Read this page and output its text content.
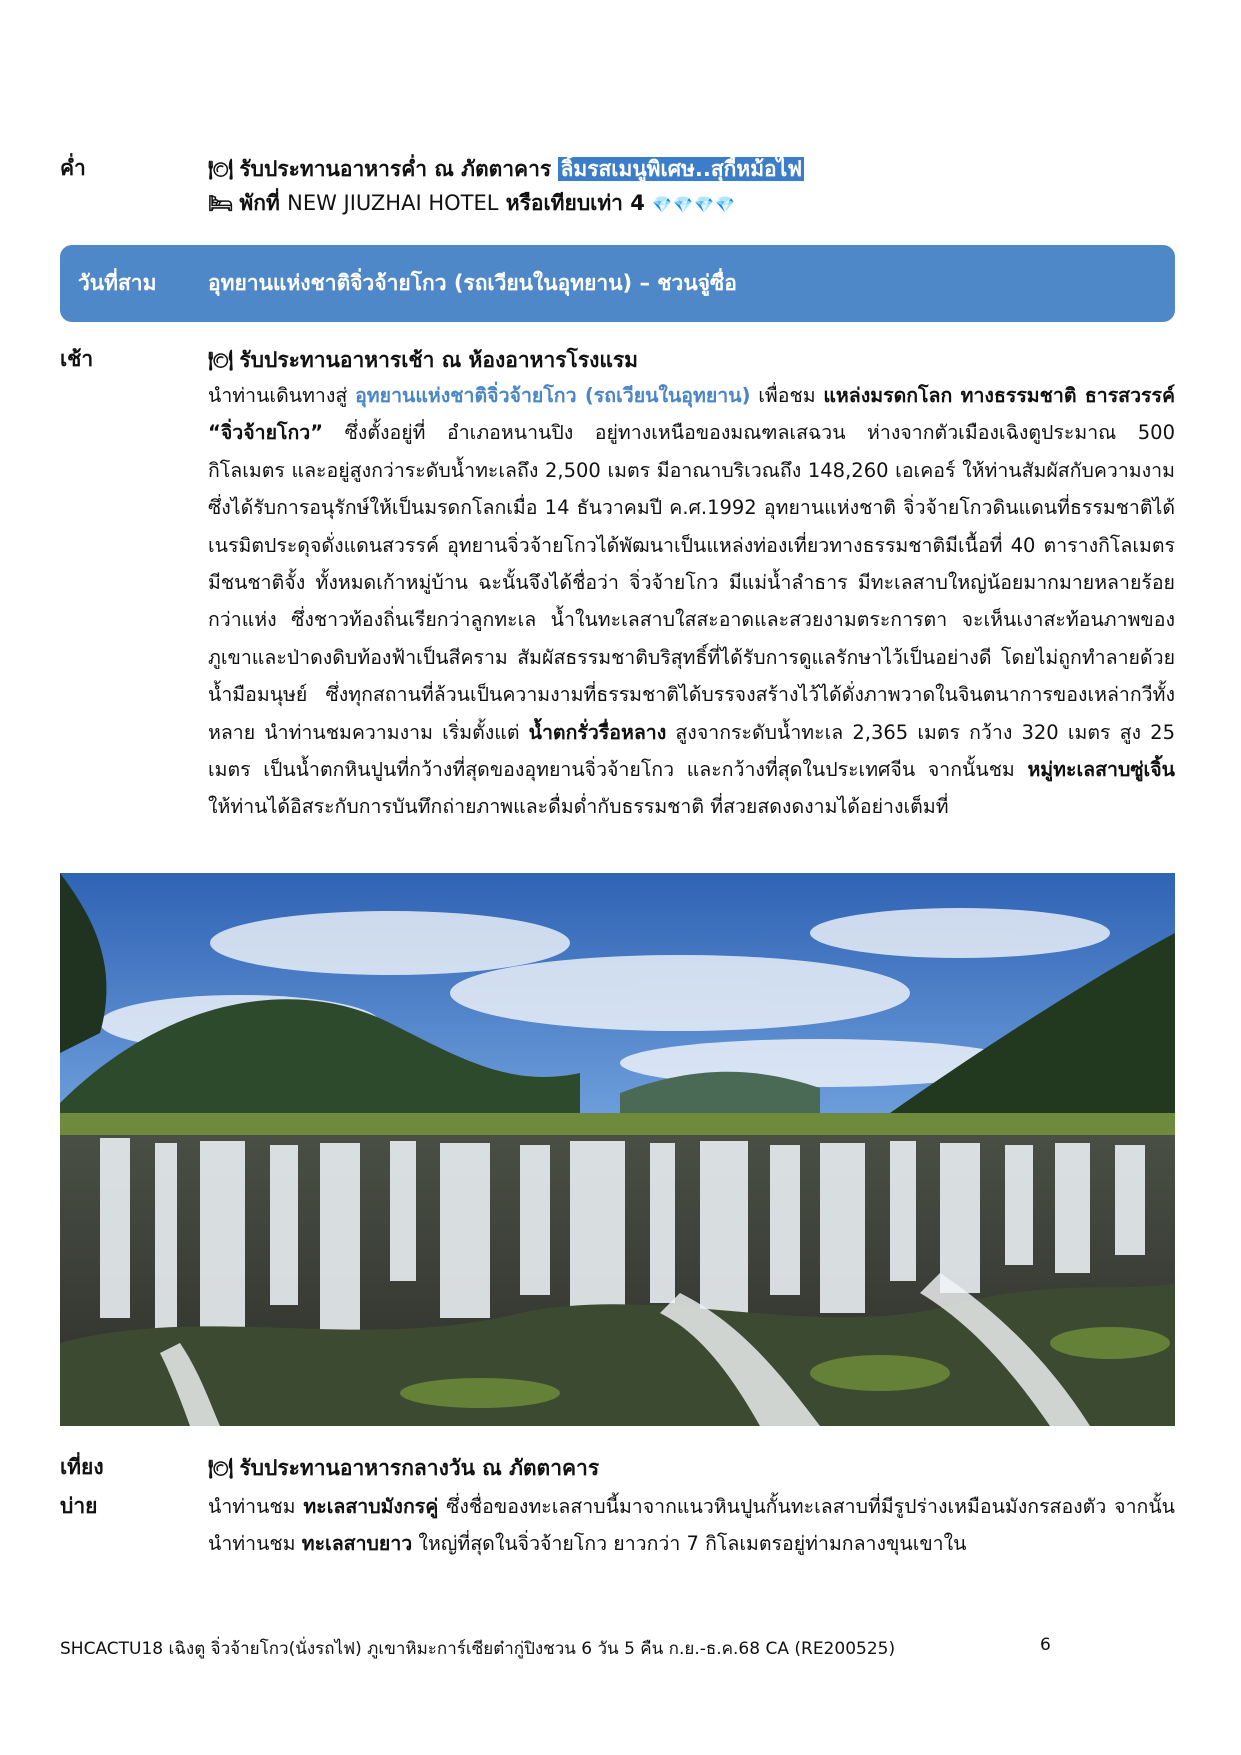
ค่ำ	🍽 รับประทานอาหารค่ำ ณ ภัตตาคาร ลิ้มรสเมนูพิเศษ..สุกี้หม้อไฟ
🛏 พักที่ NEW JIUZHAI HOTEL หรือเทียบเท่า 4 💎💎💎💎
วันที่สาม อุทยานแห่งชาติจิ่วจ้ายโกว (รถเวียนในอุทยาน) – ชวนจู่ซื่อ
เช้า	🍽 รับประทานอาหารเช้า ณ ห้องอาหารโรงแรม
นำท่านเดินทางสู่ อุทยานแห่งชาติจิ่วจ้ายโกว (รถเวียนในอุทยาน) เพื่อชม แหล่งมรดกโลก ทางธรรมชาติ ธารสวรรค์ “จิ่วจ้ายโกว” ซึ่งตั้งอยู่ที่ อำเภอหนานปิง อยู่ทางเหนือของมณฑลเสฉวน ห่างจากตัวเมืองเฉิงตูประมาณ 500 กิโลเมตร และอยู่สูงกว่าระดับน้ำทะเลถึง 2,500 เมตร มีอาณาบริเวณถึง 148,260 เอเคอร์ ให้ท่านสัมผัสกับความงาม ซึ่งได้รับการอนุรักษ์ให้เป็นมรดกโลกเมื่อ 14 ธันวาคมปี ค.ศ.1992 อุทยานแห่งชาติ จิ่วจ้ายโกวดินแดนที่ธรรมชาติได้เนรมิตประดุจดั่งแดนสวรรค์ อุทยานจิ่วจ้ายโกวได้พัฒนาเป็นแหล่งท่องเที่ยวทางธรรมชาติมีเนื้อที่ 40 ตารางกิโลเมตร มีชนชาติจั้ง ทั้งหมดเก้าหมู่บ้าน ฉะนั้นจึงได้ชื่อว่า จิ่วจ้ายโกว มีแม่น้ำลำธาร มีทะเลสาบใหญ่น้อยมากมายหลายร้อยกว่าแห่ง ซึ่งชาวท้องถิ่นเรียกว่าลูกทะเล น้ำในทะเลสาบใสสะอาดและสวยงามตระการตา จะเห็นเงาสะท้อนภาพของภูเขาและป่าดงดิบท้องฟ้าเป็นสีคราม สัมผัสธรรมชาติบริสุทธิ์ที่ได้รับการดูแลรักษาไว้เป็นอย่างดี โดยไม่ถูกทำลายด้วยน้ำมือมนุษย์ ซึ่งทุกสถานที่ล้วนเป็นความงามที่ธรรมชาติได้บรรจงสร้างไว้ได้ดั่งภาพวาดในจินตนาการของเหล่ากวีทั้งหลาย นำท่านชมความงาม เริ่มตั้งแต่ น้ำตกรั่วรื่อหลาง สูงจากระดับน้ำทะเล 2,365 เมตร กว้าง 320 เมตร สูง 25 เมตร เป็นน้ำตกหินปูนที่กว้างที่สุดของอุทยานจิ่วจ้ายโกว และกว้างที่สุดในประเทศจีน จากนั้นชม หมู่ทะเลสาบซู่เจิ้น ให้ท่านได้อิสระกับการบันทึกถ่ายภาพและดื่มด่ำกับธรรมชาติ ที่สวยสดงดงามได้อย่างเต็มที่
เที่ยง	🍽 รับประทานอาหารกลางวัน ณ ภัตตาคาร
บ่าย	นำท่านชม ทะเลสาบมังกรคู่ ซึ่งชื่อของทะเลสาบนี้มาจากแนวหินปูนกั้นทะเลสาบที่มีรูปร่างเหมือนมังกรสองตัว จากนั้นนำท่านชม ทะเลสาบยาว ใหญ่ที่สุดในจิ่วจ้ายโกว ยาวกว่า 7 กิโลเมตรอยู่ท่ามกลางขุนเขาใน
SHCACTU18 เฉิงตู จิ่วจ้ายโกว(นั่งรถไฟ) ภูเขาหิมะการ์เซียต๋ากู่ปิงชวน 6 วัน 5 คืน ก.ย.-ธ.ค.68 CA (RE200525)	6
